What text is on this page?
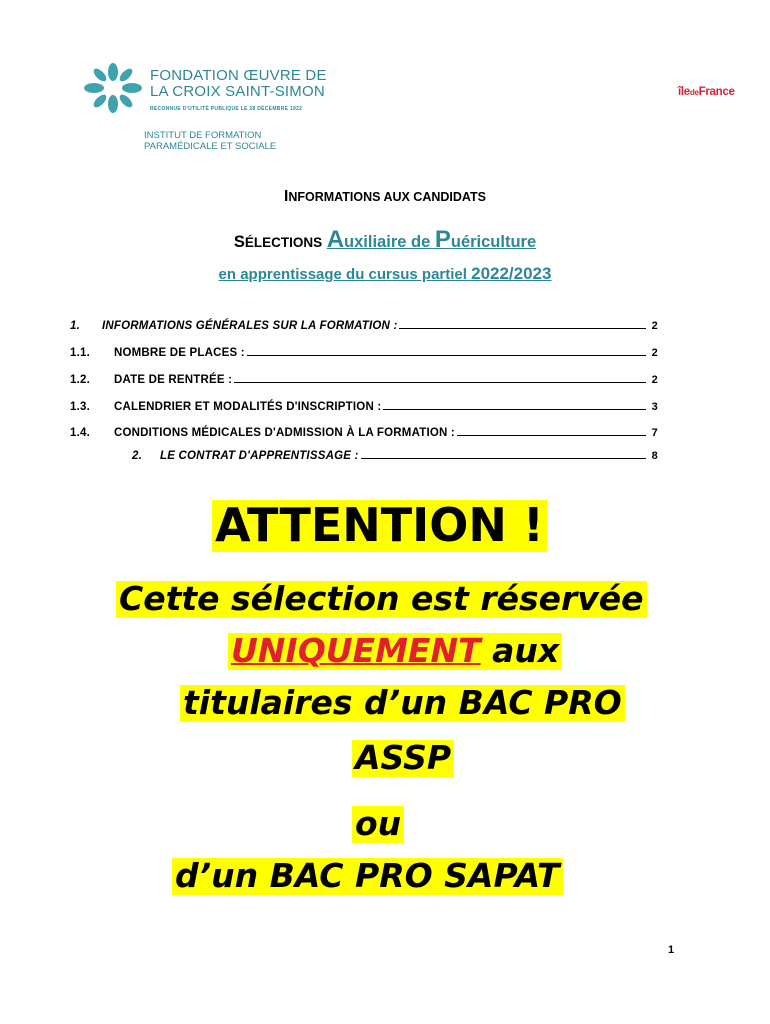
FONDATION ŒUVRE DE
LA CROIX SAINT-SIMON
RECONNUE D'UTILITÉ PUBLIQUE LE 28 DÉCEMBRE 1922
INSTITUT DE FORMATION
PARAMÉDICALE ET SOCIALE
îledeFrance
INFORMATIONS AUX CANDIDATS
SÉLECTIONS Auxiliaire de Puériculture
en apprentissage du cursus partiel 2022/2023
1.	INFORMATIONS GÉNÉRALES SUR LA FORMATION :	2
1.1.	NOMBRE DE PLACES :	2
1.2.	DATE DE RENTRÉE :	2
1.3.	CALENDRIER ET MODALITÉS D'INSCRIPTION :	3
1.4.	CONDITIONS MÉDICALES D'ADMISSION À LA FORMATION :	7
2.	LE CONTRAT D'APPRENTISSAGE :	8
ATTENTION !
Cette sélection est réservée
UNIQUEMENT aux
titulaires d’un BAC PRO
ASSP
ou
d’un BAC PRO SAPAT
1
